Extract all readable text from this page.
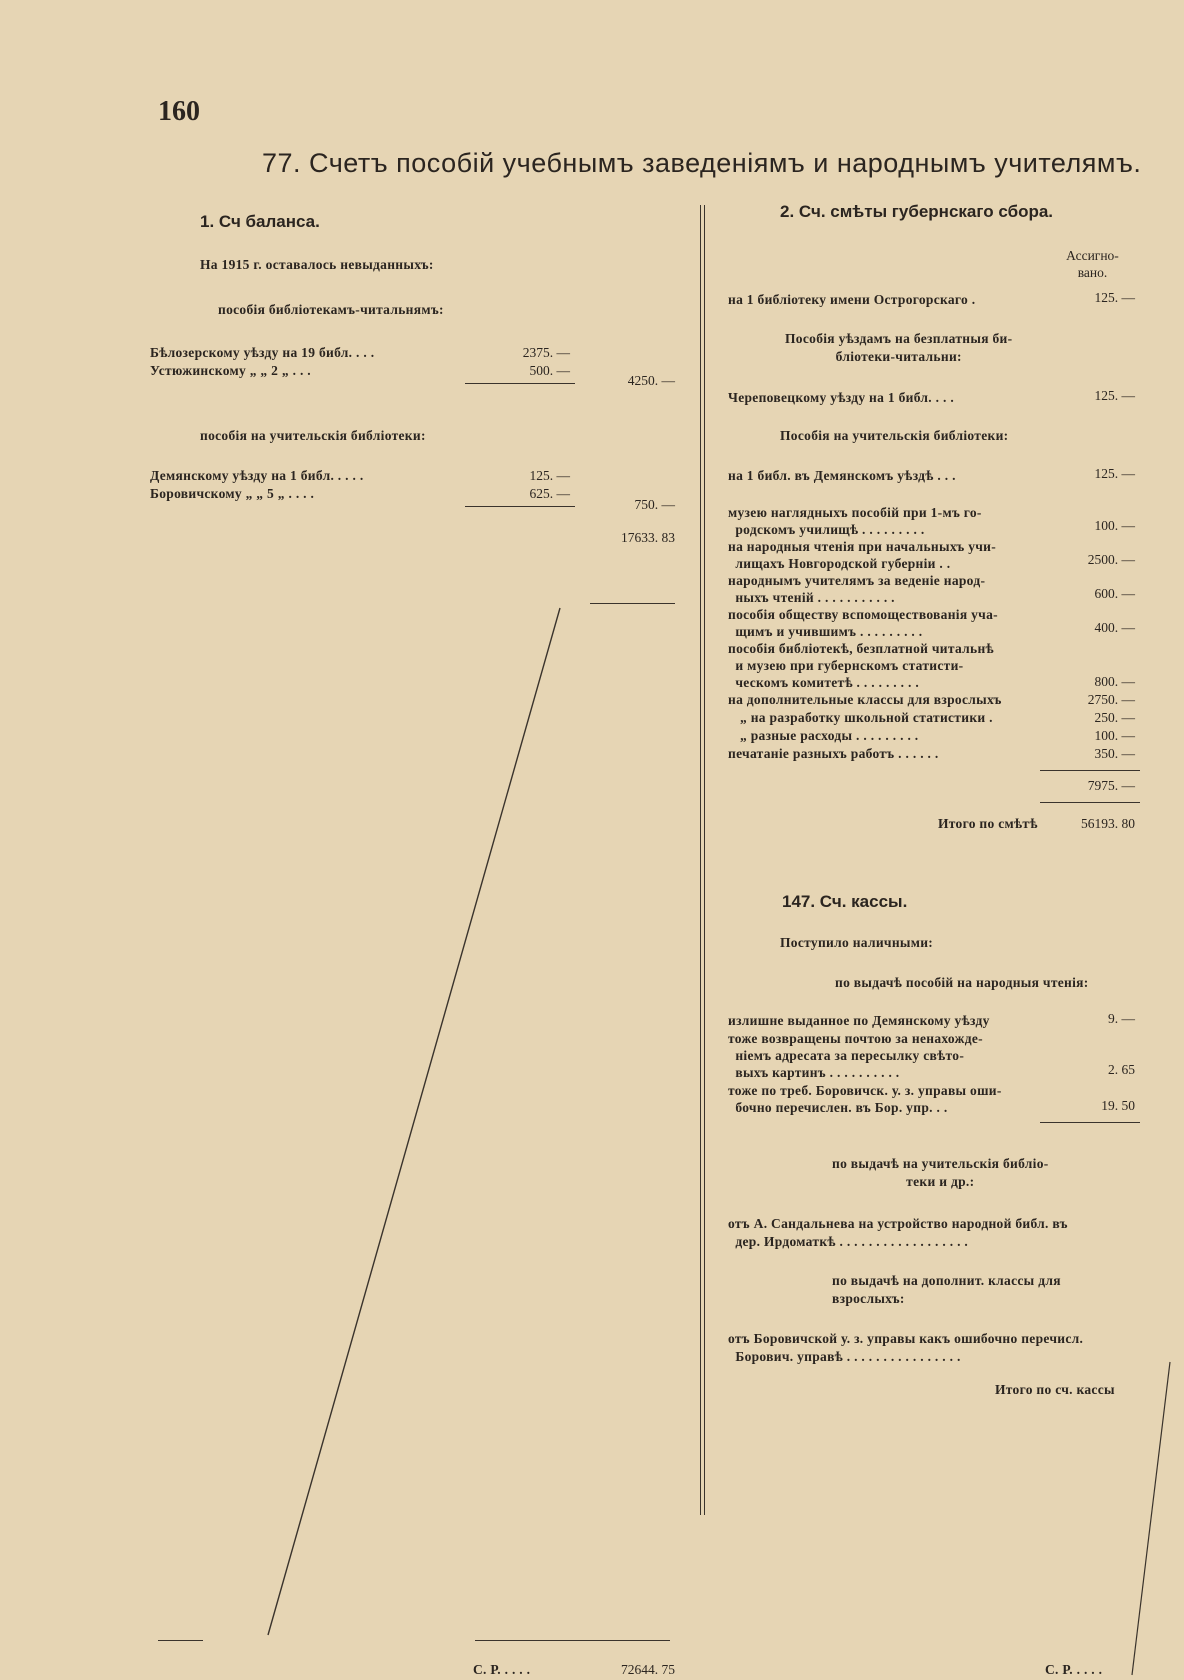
160
77. Счетъ пособій учебнымъ заведеніямъ и народнымъ учителямъ.
1. Сч баланса.
На 1915 г. оставалось невыданныхъ:
пособія библіотекамъ-читальнямъ:
Бѣлозерскому уѣзду на 19 библ. . . .	2375. —
Устюжинскому „ „ 2 „ . . .	500. —
4250. —
пособія на учительскія библіотеки:
Демянскому уѣзду на 1 библ. . . . .	125. —
Боровичскому „ „ 5 „ . . . .	625. —
750. —
17633. 83
С. Р. . . . .	72644. 75
2. Сч. смѣты губернскаго сбора.
Ассигно-
вано.
на 1 библіотеку имени Острогорскаго .	125. —
Пособія уѣздамъ на безплатныя би-
бліотеки-читальни:
Череповецкому уѣзду на 1 библ. . . .	125. —
Пособія на учительскія библіотеки:
на 1 библ. въ Демянскомъ уѣздѣ . . .	125. —
музею наглядныхъ пособій при 1-мъ го-
родскомъ училищѣ . . . . . . . . .	100. —
на народныя чтенія при начальныхъ учи-
лищахъ Новгородской губерніи . .	2500. —
народнымъ учителямъ за веденіе народ-
ныхъ чтеній . . . . . . . . . . .	600. —
пособія обществу вспомоществованія уча-
щимъ и учившимъ . . . . . . . . .	400. —
пособія библіотекѣ, безплатной читальнѣ
и музею при губернскомъ статисти-
ческомъ комитетѣ . . . . . . . . .	800. —
на дополнительные классы для взрослыхъ	2750. —
„ на разработку школьной статистики .	250. —
„ разные расходы . . . . . . . . .	100. —
печатаніе разныхъ работъ . . . . . .	350. —
7975. —
Итого по смѣтѣ	56193. 80
147. Сч. кассы.
Поступило наличными:
по выдачѣ пособій на народныя чтенія:
излишне выданное по Демянскому уѣзду	9. —
тоже возвращены почтою за ненахожде-
ніемъ адресата за пересылку свѣто-
выхъ картинъ . . . . . . . . . .	2. 65
тоже по треб. Боровичск. у. з. управы оши-
бочно перечислен. въ Бор. упр. . .	19. 50
по выдачѣ на учительскія библіо-
теки и др.:
отъ А. Сандальнева на устройство народной библ. въ
дер. Ирдоматкѣ . . . . . . . . . . . . . . . . . .
по выдачѣ на дополнит. классы для
взрослыхъ:
отъ Боровичской у. з. управы какъ ошибочно перечисл.
Борович. управѣ . . . . . . . . . . . . . . . .
Итого по сч. кассы
С. Р. . . . .
